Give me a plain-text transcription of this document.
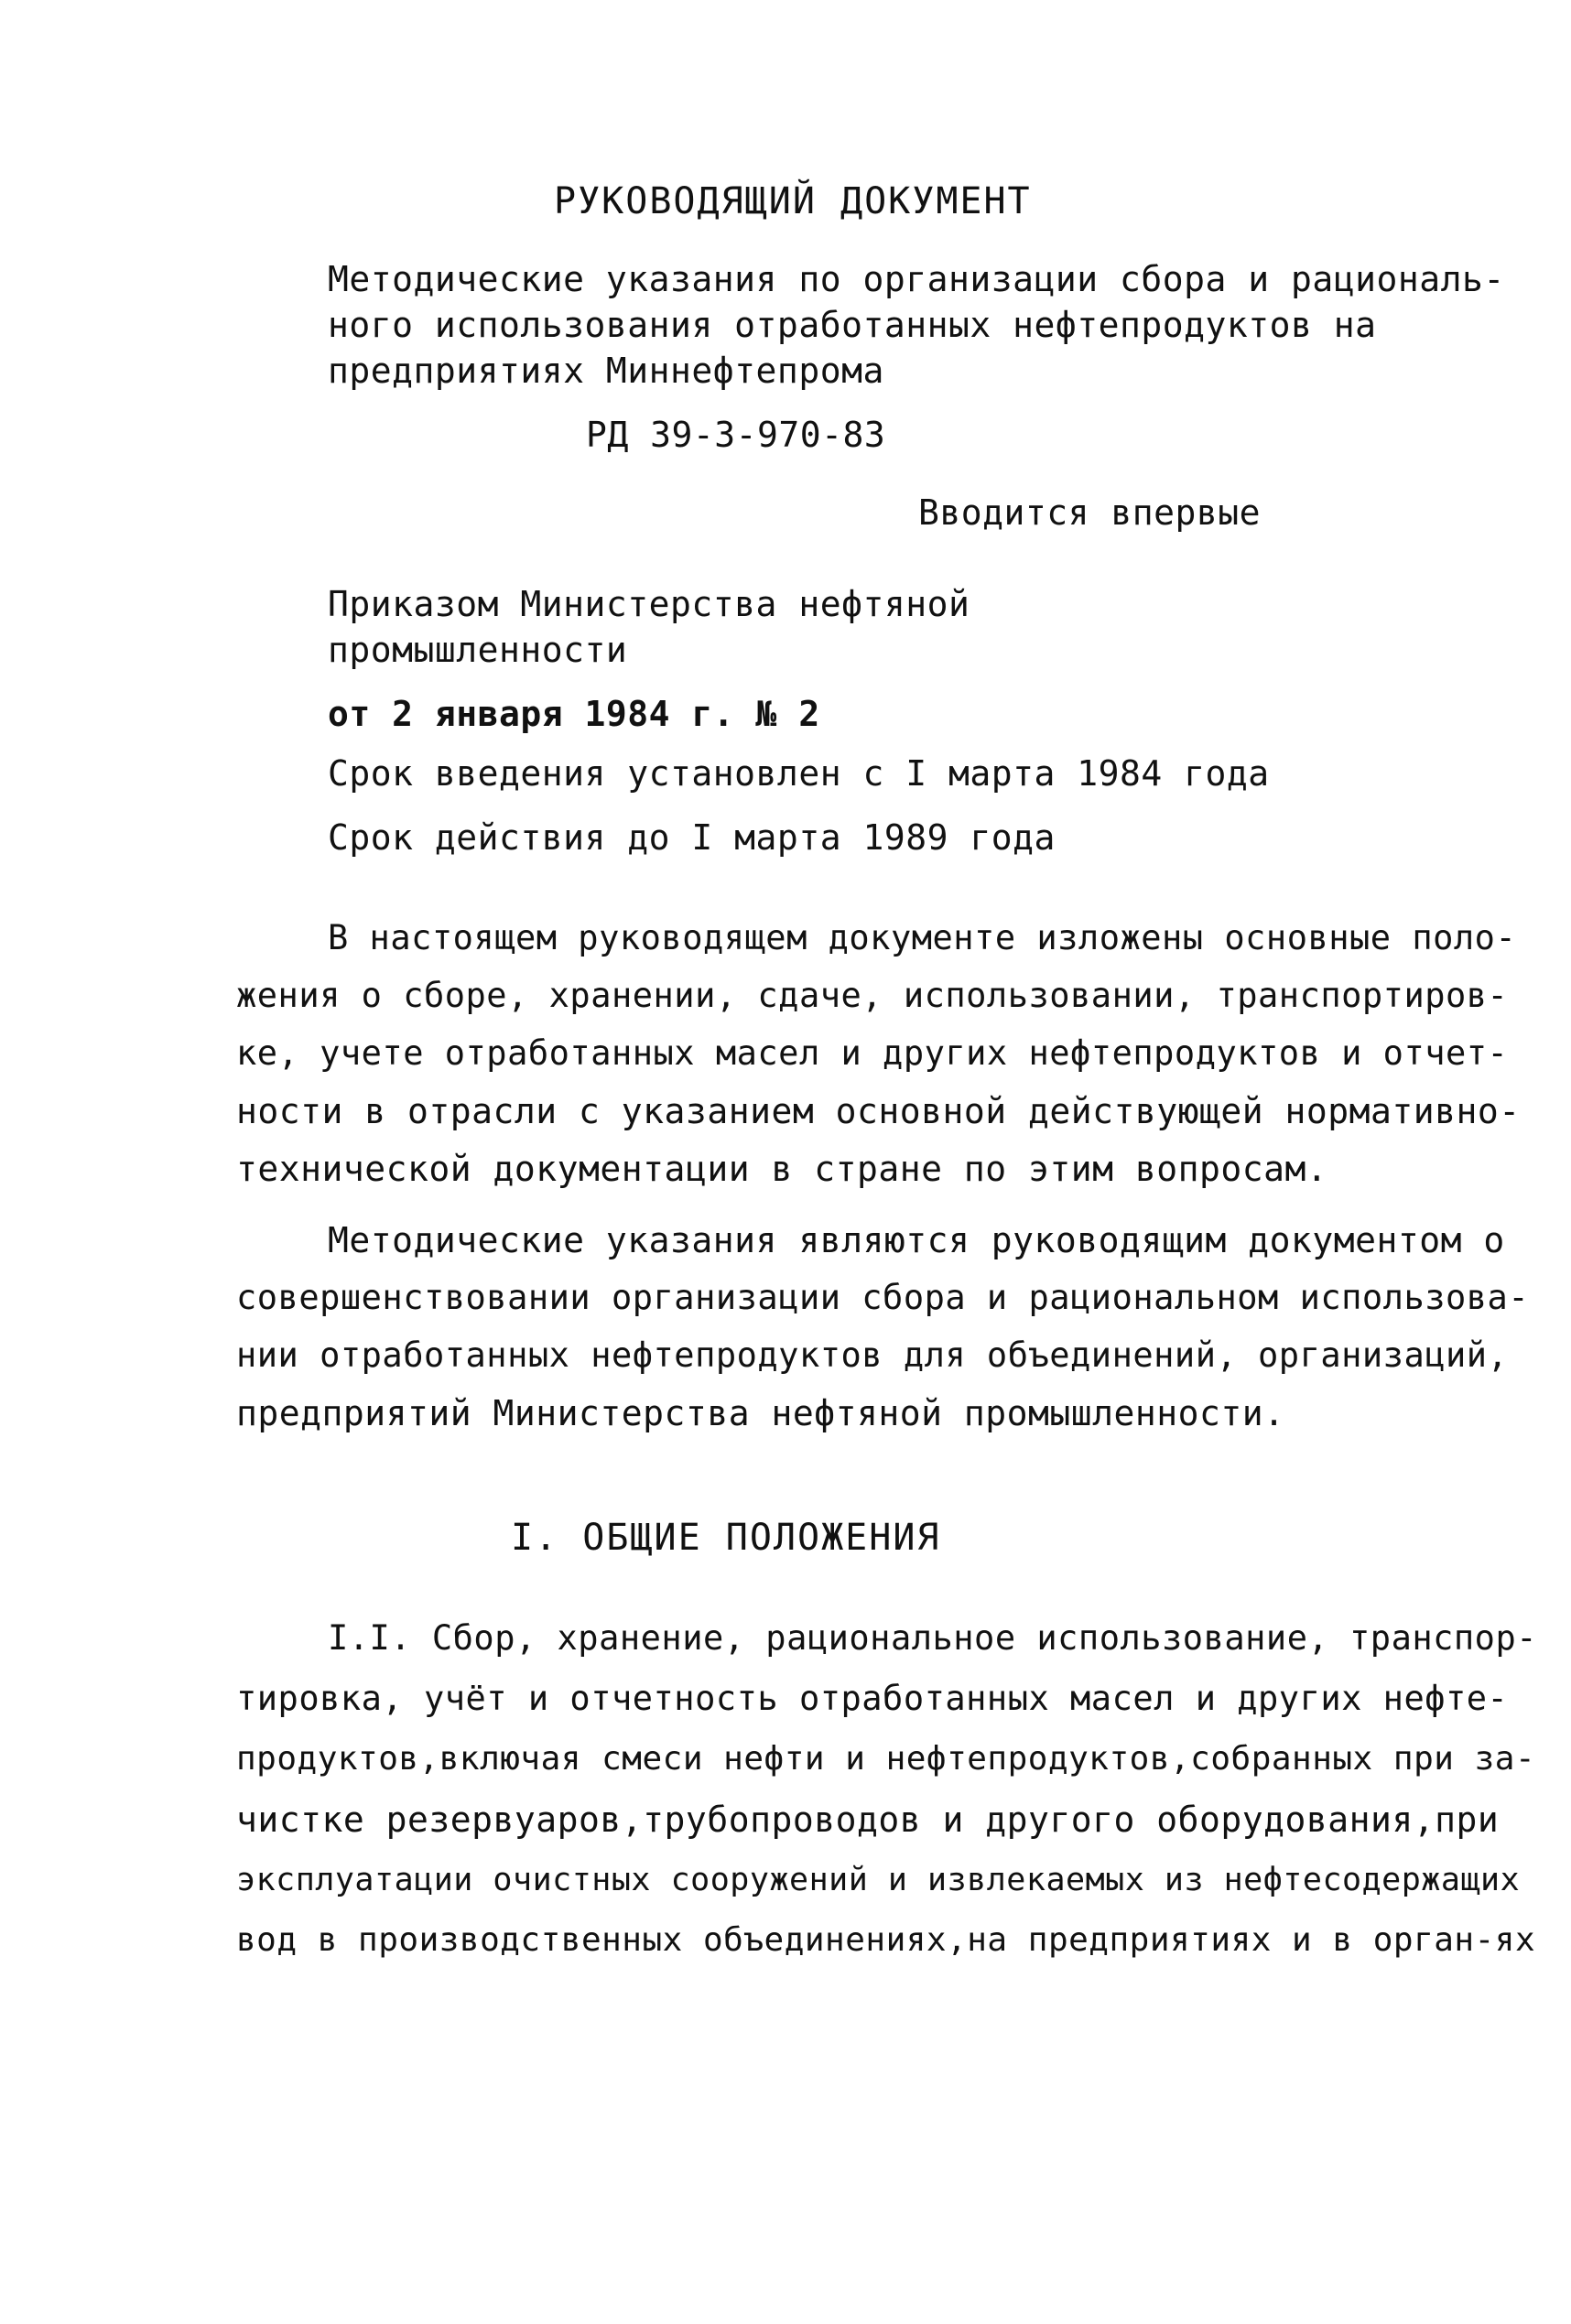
РУКОВОДЯЩИЙ ДОКУМЕНТ
Методические указания по организации сбора и рациональ-
ного использования отработанных нефтепродуктов на
предприятиях Миннефтепрома
РД 39-3-970-83
Вводится впервые
Приказом Министерства нефтяной
промышленности
от 2 января 1984 г. № 2
Срок введения установлен с I марта 1984 года
Срок действия до I марта 1989 года
В настоящем руководящем документе изложены основные поло-
жения о сборе, хранении, сдаче, использовании, транспортиров-
ке, учете отработанных масел и других нефтепродуктов и отчет-
ности в отрасли с указанием основной действующей нормативно-
технической документации в стране по этим вопросам.
Методические указания являются руководящим документом о
совершенствовании организации сбора и рациональном использова-
нии отработанных нефтепродуктов для объединений, организаций,
предприятий Министерства нефтяной промышленности.
I. ОБЩИЕ ПОЛОЖЕНИЯ
I.I. Сбор, хранение, рациональное использование, транспор-
тировка, учёт и отчетность отработанных масел и других нефте-
продуктов,включая смеси нефти и нефтепродуктов,собранных при за-
чистке резервуаров,трубопроводов и другого оборудования,при
эксплуатации очистных сооружений и извлекаемых из нефтесодержащих
вод в производственных объединениях,на предприятиях и в орган-ях
